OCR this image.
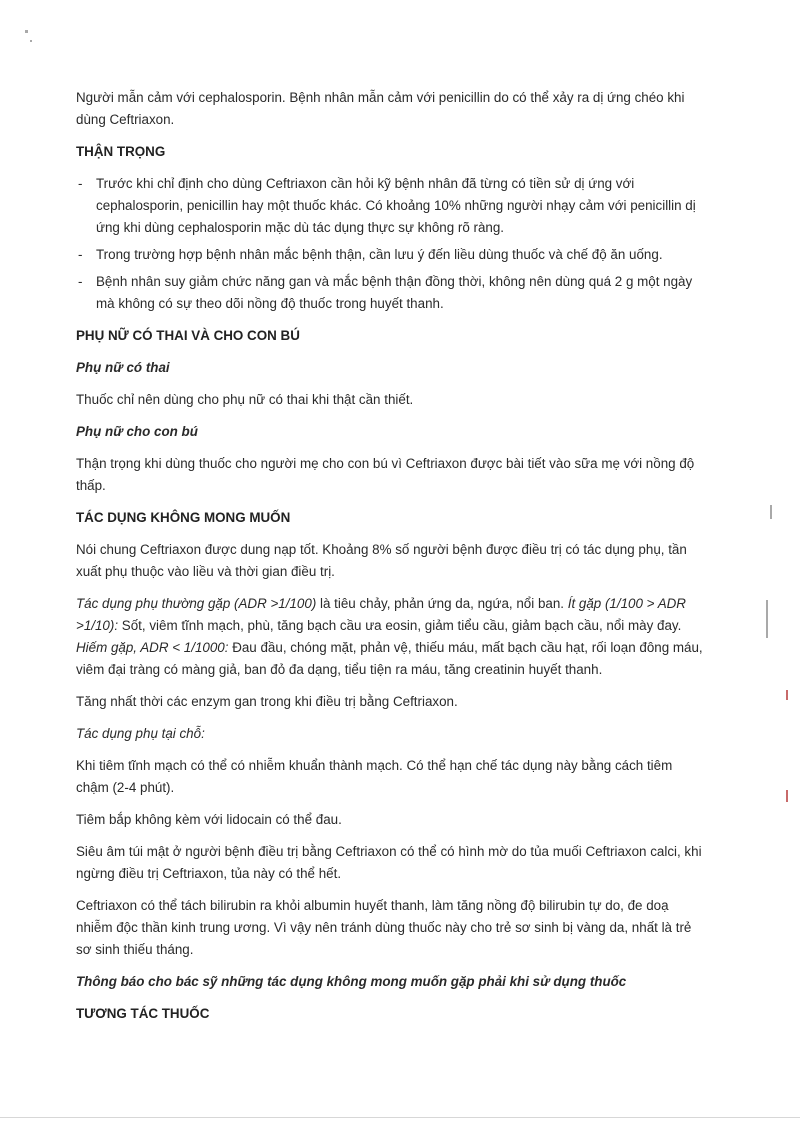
Người mẫn cảm với cephalosporin. Bệnh nhân mẫn cảm với penicillin do có thể xảy ra dị ứng chéo khi dùng Ceftriaxon.

THẬN TRỌNG

- Trước khi chỉ định cho dùng Ceftriaxon cần hỏi kỹ bệnh nhân đã từng có tiền sử dị ứng với cephalosporin, penicillin hay một thuốc khác. Có khoảng 10% những người nhạy cảm với penicillin dị ứng khi dùng cephalosporin mặc dù tác dụng thực sự không rõ ràng.
- Trong trường hợp bệnh nhân mắc bệnh thận, cần lưu ý đến liều dùng thuốc và chế độ ăn uống.
- Bệnh nhân suy giảm chức năng gan và mắc bệnh thận đồng thời, không nên dùng quá 2 g một ngày mà không có sự theo dõi nồng độ thuốc trong huyết thanh.

PHỤ NỮ CÓ THAI VÀ CHO CON BÚ

Phụ nữ có thai

Thuốc chỉ nên dùng cho phụ nữ có thai khi thật cần thiết.

Phụ nữ cho con bú

Thận trọng khi dùng thuốc cho người mẹ cho con bú vì Ceftriaxon được bài tiết vào sữa mẹ với nồng độ thấp.

TÁC DỤNG KHÔNG MONG MUỐN

Nói chung Ceftriaxon được dung nạp tốt. Khoảng 8% số người bệnh được điều trị có tác dụng phụ, tần xuất phụ thuộc vào liều và thời gian điều trị.

Tác dụng phụ thường gặp (ADR >1/100) là tiêu chảy, phản ứng da, ngứa, nổi ban. Ít gặp (1/100 > ADR >1/10): Sốt, viêm tĩnh mạch, phù, tăng bạch cầu ưa eosin, giảm tiểu cầu, giảm bạch cầu, nổi mày đay. Hiếm gặp, ADR < 1/1000: Đau đầu, chóng mặt, phản vệ, thiếu máu, mất bạch cầu hạt, rối loạn đông máu, viêm đại tràng có màng giả, ban đỏ đa dạng, tiểu tiện ra máu, tăng creatinin huyết thanh.

Tăng nhất thời các enzym gan trong khi điều trị bằng Ceftriaxon.

Tác dụng phụ tại chỗ:

Khi tiêm tĩnh mạch có thể có nhiễm khuẩn thành mạch. Có thể hạn chế tác dụng này bằng cách tiêm chậm (2-4 phút).

Tiêm bắp không kèm với lidocain có thể đau.

Siêu âm túi mật ở người bệnh điều trị bằng Ceftriaxon có thể có hình mờ do tủa muối Ceftriaxon calci, khi ngừng điều trị Ceftriaxon, tủa này có thể hết.

Ceftriaxon có thể tách bilirubin ra khỏi albumin huyết thanh, làm tăng nồng độ bilirubin tự do, đe doạ nhiễm độc thần kinh trung ương. Vì vậy nên tránh dùng thuốc này cho trẻ sơ sinh bị vàng da, nhất là trẻ sơ sinh thiếu tháng.

Thông báo cho bác sỹ những tác dụng không mong muốn gặp phải khi sử dụng thuốc

TƯƠNG TÁC THUỐC
